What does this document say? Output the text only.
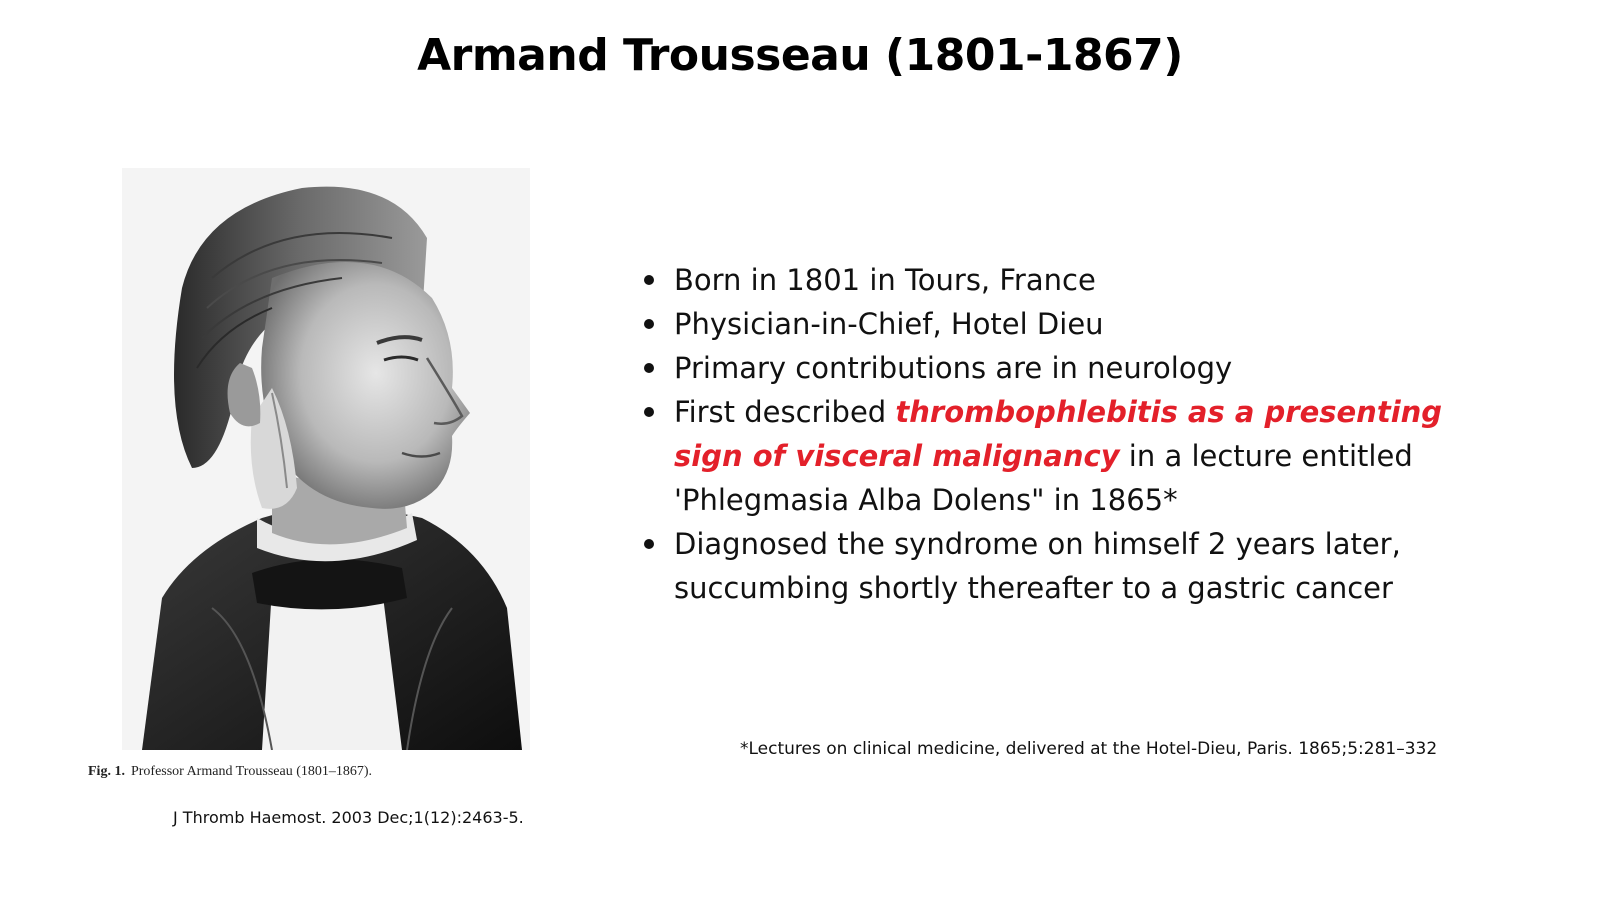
Armand Trousseau (1801-1867)
Fig. 1. Professor Armand Trousseau (1801–1867).
J Thromb Haemost. 2003 Dec;1(12):2463-5.
Born in 1801 in Tours, France
Physician-in-Chief, Hotel Dieu
Primary contributions are in neurology
First described thrombophlebitis as a presenting sign of visceral malignancy in a lecture entitled 'Phlegmasia Alba Dolens" in 1865*
Diagnosed the syndrome on himself 2 years later, succumbing shortly thereafter to a gastric cancer
*Lectures on clinical medicine, delivered at the Hotel-Dieu, Paris. 1865;5:281–332
